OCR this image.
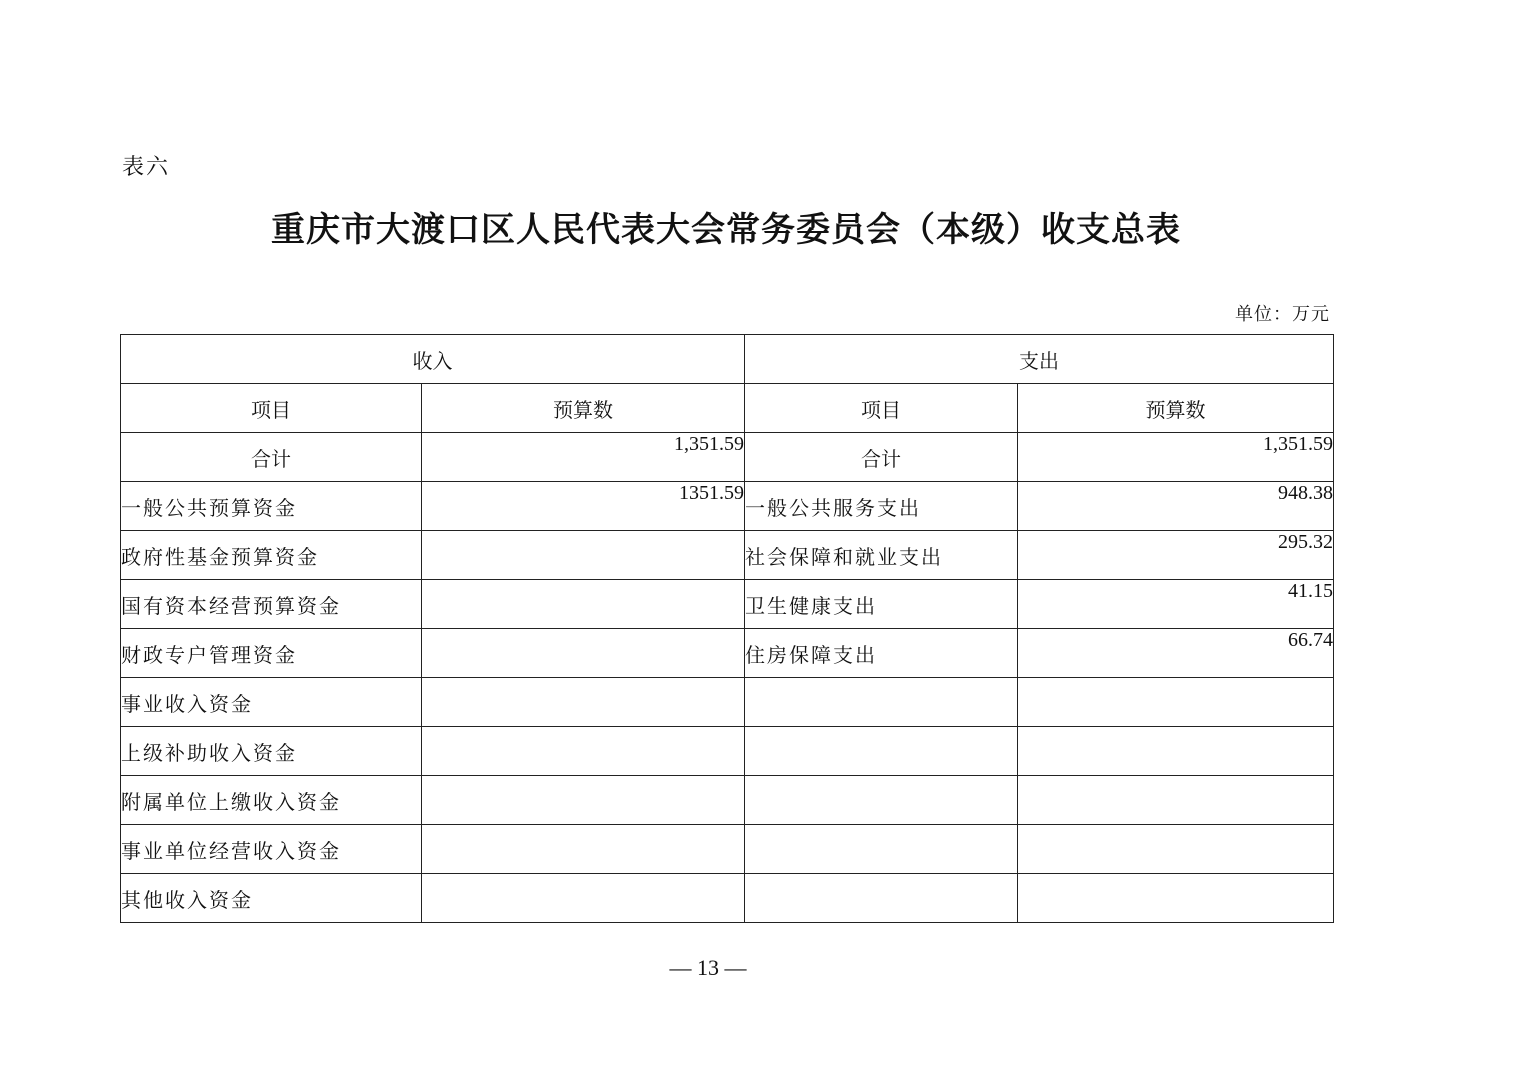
表六
重庆市大渡口区人民代表大会常务委员会（本级）收支总表
单位：万元
收入		支出	
项目	预算数	项目	预算数
合计	1,351.59	合计	1,351.59
一般公共预算资金	1351.59	一般公共服务支出	948.38
政府性基金预算资金		社会保障和就业支出	295.32
国有资本经营预算资金		卫生健康支出	41.15
财政专户管理资金		住房保障支出	66.74
事业收入资金			
上级补助收入资金			
附属单位上缴收入资金			
事业单位经营收入资金			
其他收入资金			
— 13 —
